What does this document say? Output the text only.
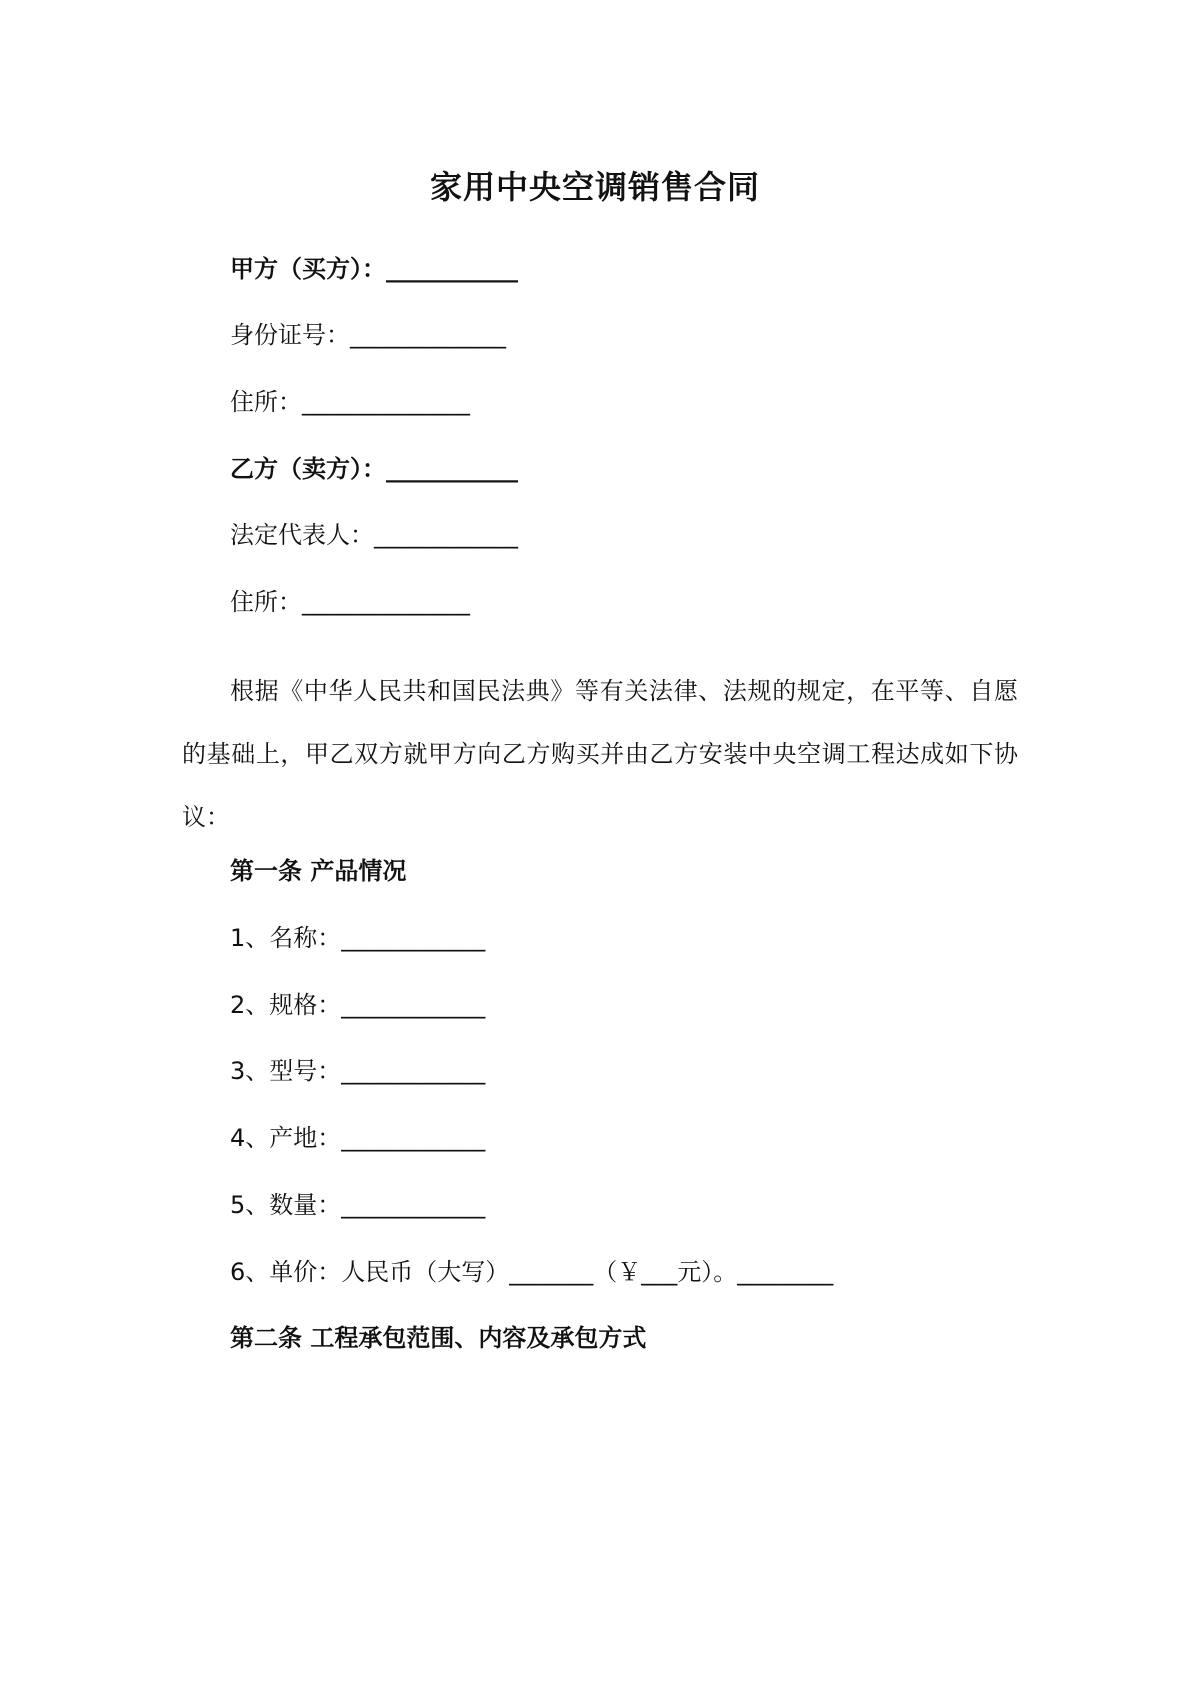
家用中央空调销售合同
甲方（买方）：___________
身份证号：_____________
住所：______________
乙方（卖方）：___________
法定代表人：____________
住所：______________
根据《中华人民共和国民法典》等有关法律、法规的规定，在平等、自愿的基础上，甲乙双方就甲方向乙方购买并由乙方安装中央空调工程达成如下协议：
第一条 产品情况
1、名称：____________
2、规格：____________
3、型号：____________
4、产地：____________
5、数量：____________
6、单价：人民币（大写）_______（￥___元）。________
第二条 工程承包范围、内容及承包方式
